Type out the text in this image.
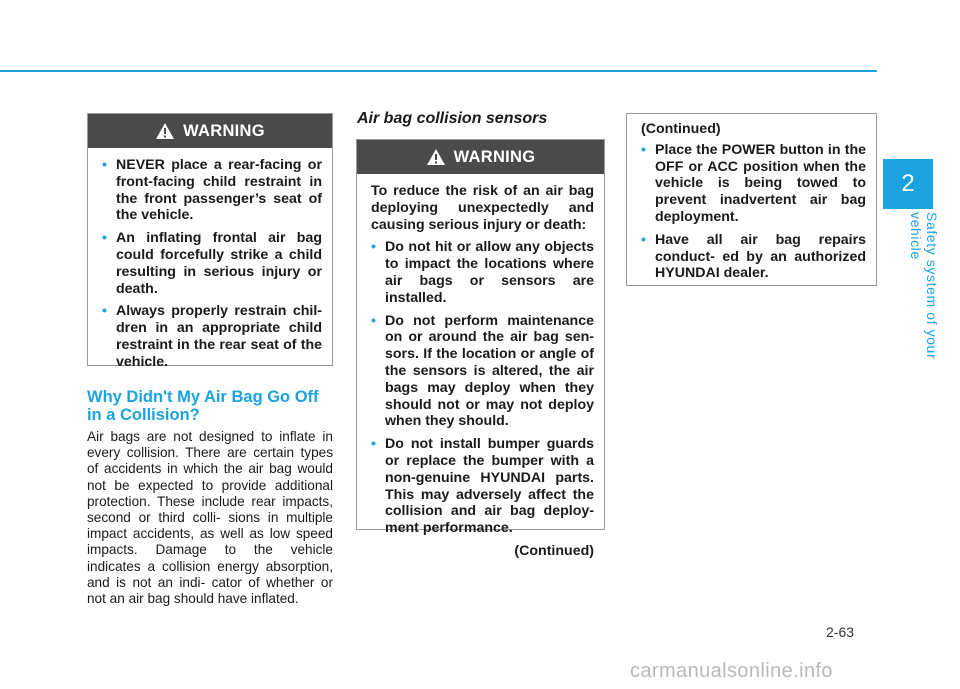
WARNING
• NEVER place a rear-facing or front-facing child restraint in the front passenger’s seat of the vehicle.
• An inflating frontal air bag could forcefully strike a child resulting in serious injury or death.
• Always properly restrain chil- dren in an appropriate child restraint in the rear seat of the vehicle.
Why Didn't My Air Bag Go Off in a Collision?
Air bags are not designed to inflate in every collision. There are certain types of accidents in which the air bag would not be expected to provide additional protection. These include rear impacts, second or third colli- sions in multiple impact accidents, as well as low speed impacts. Damage to the vehicle indicates a collision energy absorption, and is not an indi- cator of whether or not an air bag should have inflated.
Air bag collision sensors
WARNING
To reduce the risk of an air bag deploying unexpectedly and causing serious injury or death:
• Do not hit or allow any objects to impact the locations where air bags or sensors are installed.
• Do not perform maintenance on or around the air bag sen- sors. If the location or angle of the sensors is altered, the air bags may deploy when they should not or may not deploy when they should.
• Do not install bumper guards or replace the bumper with a non-genuine HYUNDAI parts. This may adversely affect the collision and air bag deploy- ment performance.
(Continued)
(Continued)
• Place the POWER button in the OFF or ACC position when the vehicle is being towed to prevent inadvertent air bag deployment.
• Have all air bag repairs conduct- ed by an authorized HYUNDAI dealer.
2
Safety system of your vehicle
2-63
carmanualsonline.info
